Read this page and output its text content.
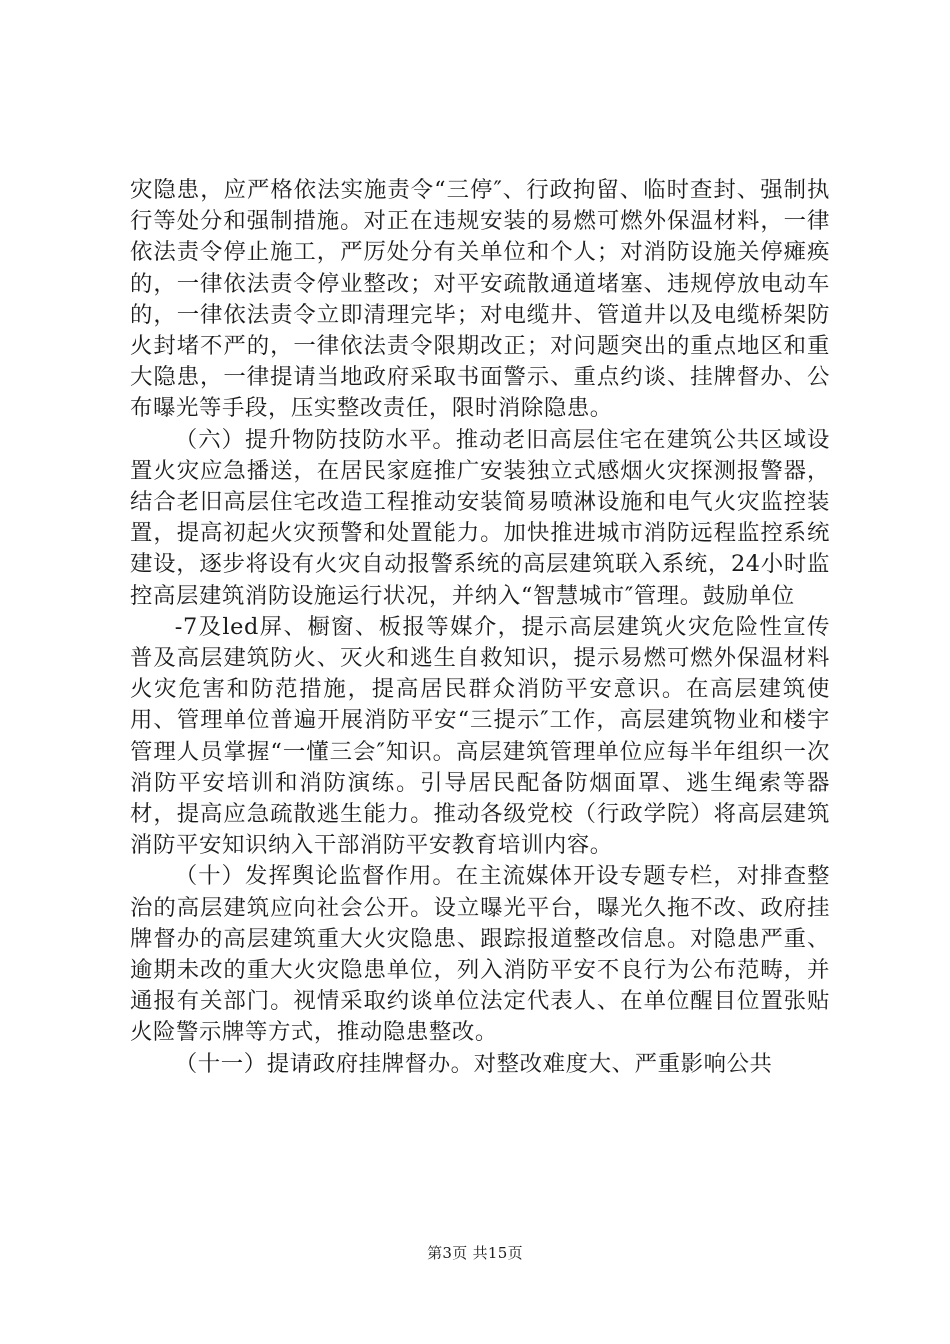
灾隐患，应严格依法实施责令“三停″、行政拘留、临时查封、强制执行等处分和强制措施。对正在违规安装的易燃可燃外保温材料，一律依法责令停止施工，严厉处分有关单位和个人；对消防设施关停瘫痪的，一律依法责令停业整改；对平安疏散通道堵塞、违规停放电动车的，一律依法责令立即清理完毕；对电缆井、管道井以及电缆桥架防火封堵不严的，一律依法责令限期改正；对问题突出的重点地区和重大隐患，一律提请当地政府采取书面警示、重点约谈、挂牌督办、公布曝光等手段，压实整改责任，限时消除隐患。

（六）提升物防技防水平。推动老旧高层住宅在建筑公共区域设置火灾应急播送，在居民家庭推广安装独立式感烟火灾探测报警器，结合老旧高层住宅改造工程推动安装简易喷淋设施和电气火灾监控装置，提高初起火灾预警和处置能力。加快推进城市消防远程监控系统建设，逐步将设有火灾自动报警系统的高层建筑联入系统，24小时监控高层建筑消防设施运行状况，并纳入“智慧城市″管理。鼓励单位

-7及led屏、橱窗、板报等媒介，提示高层建筑火灾危险性宣传普及高层建筑防火、灭火和逃生自救知识，提示易燃可燃外保温材料火灾危害和防范措施，提高居民群众消防平安意识。在高层建筑使用、管理单位普遍开展消防平安“三提示″工作，高层建筑物业和楼宇管理人员掌握“一懂三会″知识。高层建筑管理单位应每半年组织一次消防平安培训和消防演练。引导居民配备防烟面罩、逃生绳索等器材，提高应急疏散逃生能力。推动各级党校（行政学院）将高层建筑消防平安知识纳入干部消防平安教育培训内容。

（十）发挥舆论监督作用。在主流媒体开设专题专栏，对排查整治的高层建筑应向社会公开。设立曝光平台，曝光久拖不改、政府挂牌督办的高层建筑重大火灾隐患、跟踪报道整改信息。对隐患严重、逾期未改的重大火灾隐患单位，列入消防平安不良行为公布范畴，并通报有关部门。视情采取约谈单位法定代表人、在单位醒目位置张贴火险警示牌等方式，推动隐患整改。

（十一）提请政府挂牌督办。对整改难度大、严重影响公共

第3页 共15页
